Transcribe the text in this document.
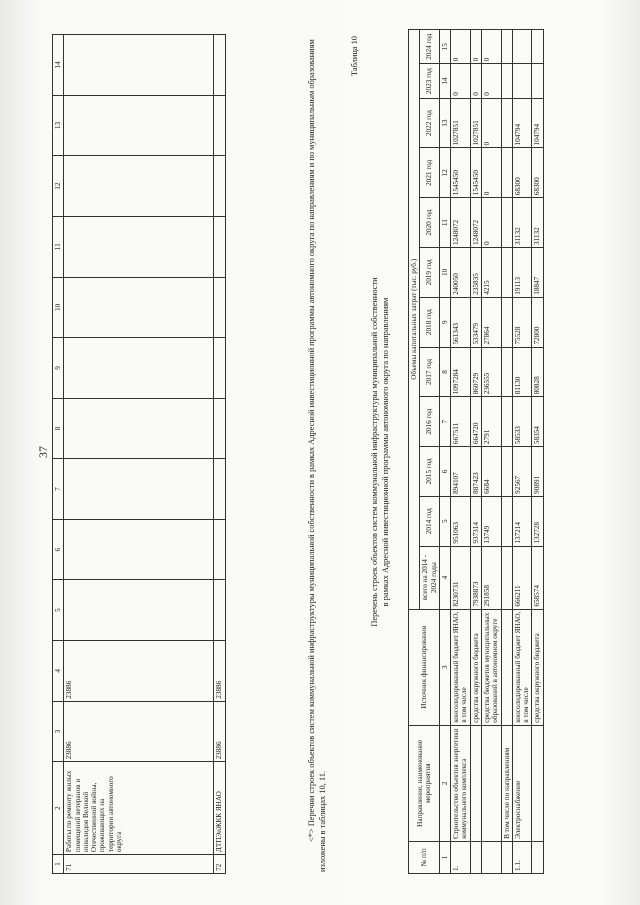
37
1	2	3	4	5	6	7	8	9	10	11	12	13	14
71	Работы по ремонту жилых помещений ветеранов и инвалидов Великой Отечественной войны, проживающих на территории автономного округа	23886	23886										
72	ДТПЭиЖКК ЯНАО	23886	23886											<*> Перечни строек объектов систем коммунальной инфраструктуры муниципальной собственности в рамках Адресной инвестиционной программы автономного округа по направлениям и по муниципальным образованиям изложены в таблицах 10, 11.
Таблица 10
Перечень строек объектов систем коммунальной инфраструктуры муниципальной собственности в рамках Адресной инвестиционной программы автономного округа по направлениям
№ п/п	Направление, наименование мероприятия	Источник финансирования	Объемы капитальных затрат (тыс. руб.)											
			всего на 2014 - 2024 годы	2014 год	2015 год	2016 год	2017 год	2018 год	2019 год	2020 год	2021 год	2022 год	2023 год	2024 год
1	2	3	4	5	6	7	8	9	10	11	12	13	14	15
1.	Строительство объектов энергетики коммунального комплекса	консолидированный бюджет ЯНАО, в том числе	8230731	951063	894107	667511	1097284	561343	240050	1248072	1545450	1027851	0	0
		средства окружного бюджета	7938873	937314	887423	664720	860729	533479	235835	1248072	1545450	1027851	0	0
		средства бюджетов муниципальных образований в автономном округе	291858	13749	6684	2791	236555	27864	4215	0	0	0	0	0
	В том числе по направлениям													
1.1.	Электроснабжение	консолидированный бюджет ЯНАО, в том числе	666211	137214	92567	58533	81130	75528	19113	31132	68300	104794		
		средства окружного бюджета	658574	132728	90891	58354	80828	72800	18847	31132	68300	104794		
